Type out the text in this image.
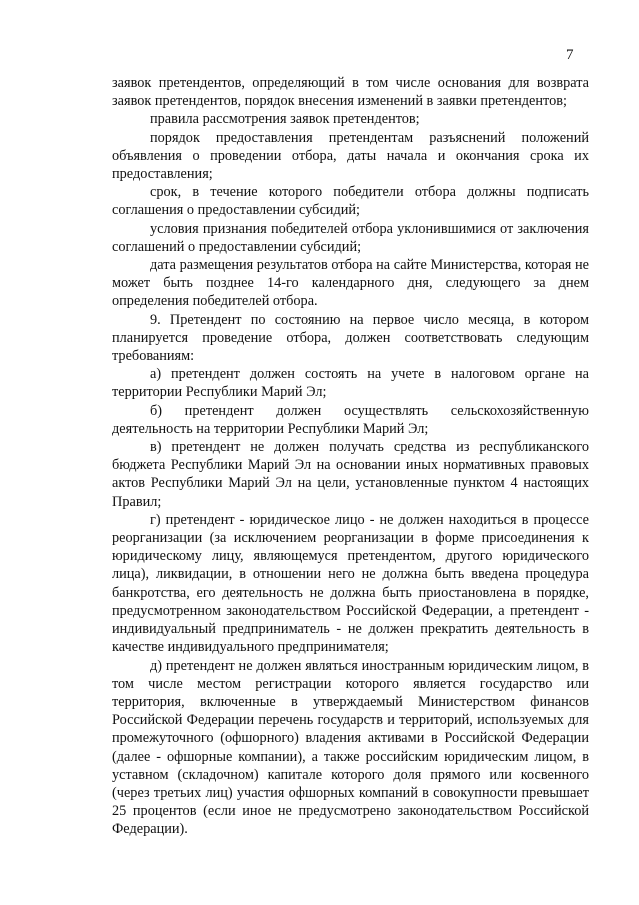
7

заявок претендентов, определяющий в том числе основания для возврата заявок претендентов, порядок внесения изменений в заявки претендентов;

правила рассмотрения заявок претендентов;

порядок предоставления претендентам разъяснений положений объявления о проведении отбора, даты начала и окончания срока их предоставления;

срок, в течение которого победители отбора должны подписать соглашения о предоставлении субсидий;

условия признания победителей отбора уклонившимися от заключения соглашений о предоставлении субсидий;

дата размещения результатов отбора на сайте Министерства, которая не может быть позднее 14-го календарного дня, следующего за днем определения победителей отбора.

9. Претендент по состоянию на первое число месяца, в котором планируется проведение отбора, должен соответствовать следующим требованиям:

а) претендент должен состоять на учете в налоговом органе на территории Республики Марий Эл;

б) претендент должен осуществлять сельскохозяйственную деятельность на территории Республики Марий Эл;

в) претендент не должен получать средства из республиканского бюджета Республики Марий Эл на основании иных нормативных правовых актов Республики Марий Эл на цели, установленные пунктом 4 настоящих Правил;

г) претендент - юридическое лицо - не должен находиться в процессе реорганизации (за исключением реорганизации в форме присоединения к юридическому лицу, являющемуся претендентом, другого юридического лица), ликвидации, в отношении него не должна быть введена процедура банкротства, его деятельность не должна быть приостановлена в порядке, предусмотренном законодательством Российской Федерации, а претендент - индивидуальный предприниматель - не должен прекратить деятельность в качестве индивидуального предпринимателя;

д) претендент не должен являться иностранным юридическим лицом, в том числе местом регистрации которого является государство или территория, включенные в утверждаемый Министерством финансов Российской Федерации перечень государств и территорий, используемых для промежуточного (офшорного) владения активами в Российской Федерации (далее - офшорные компании), а также российским юридическим лицом, в уставном (складочном) капитале которого доля прямого или косвенного (через третьих лиц) участия офшорных компаний в совокупности превышает 25 процентов (если иное не предусмотрено законодательством Российской Федерации).
